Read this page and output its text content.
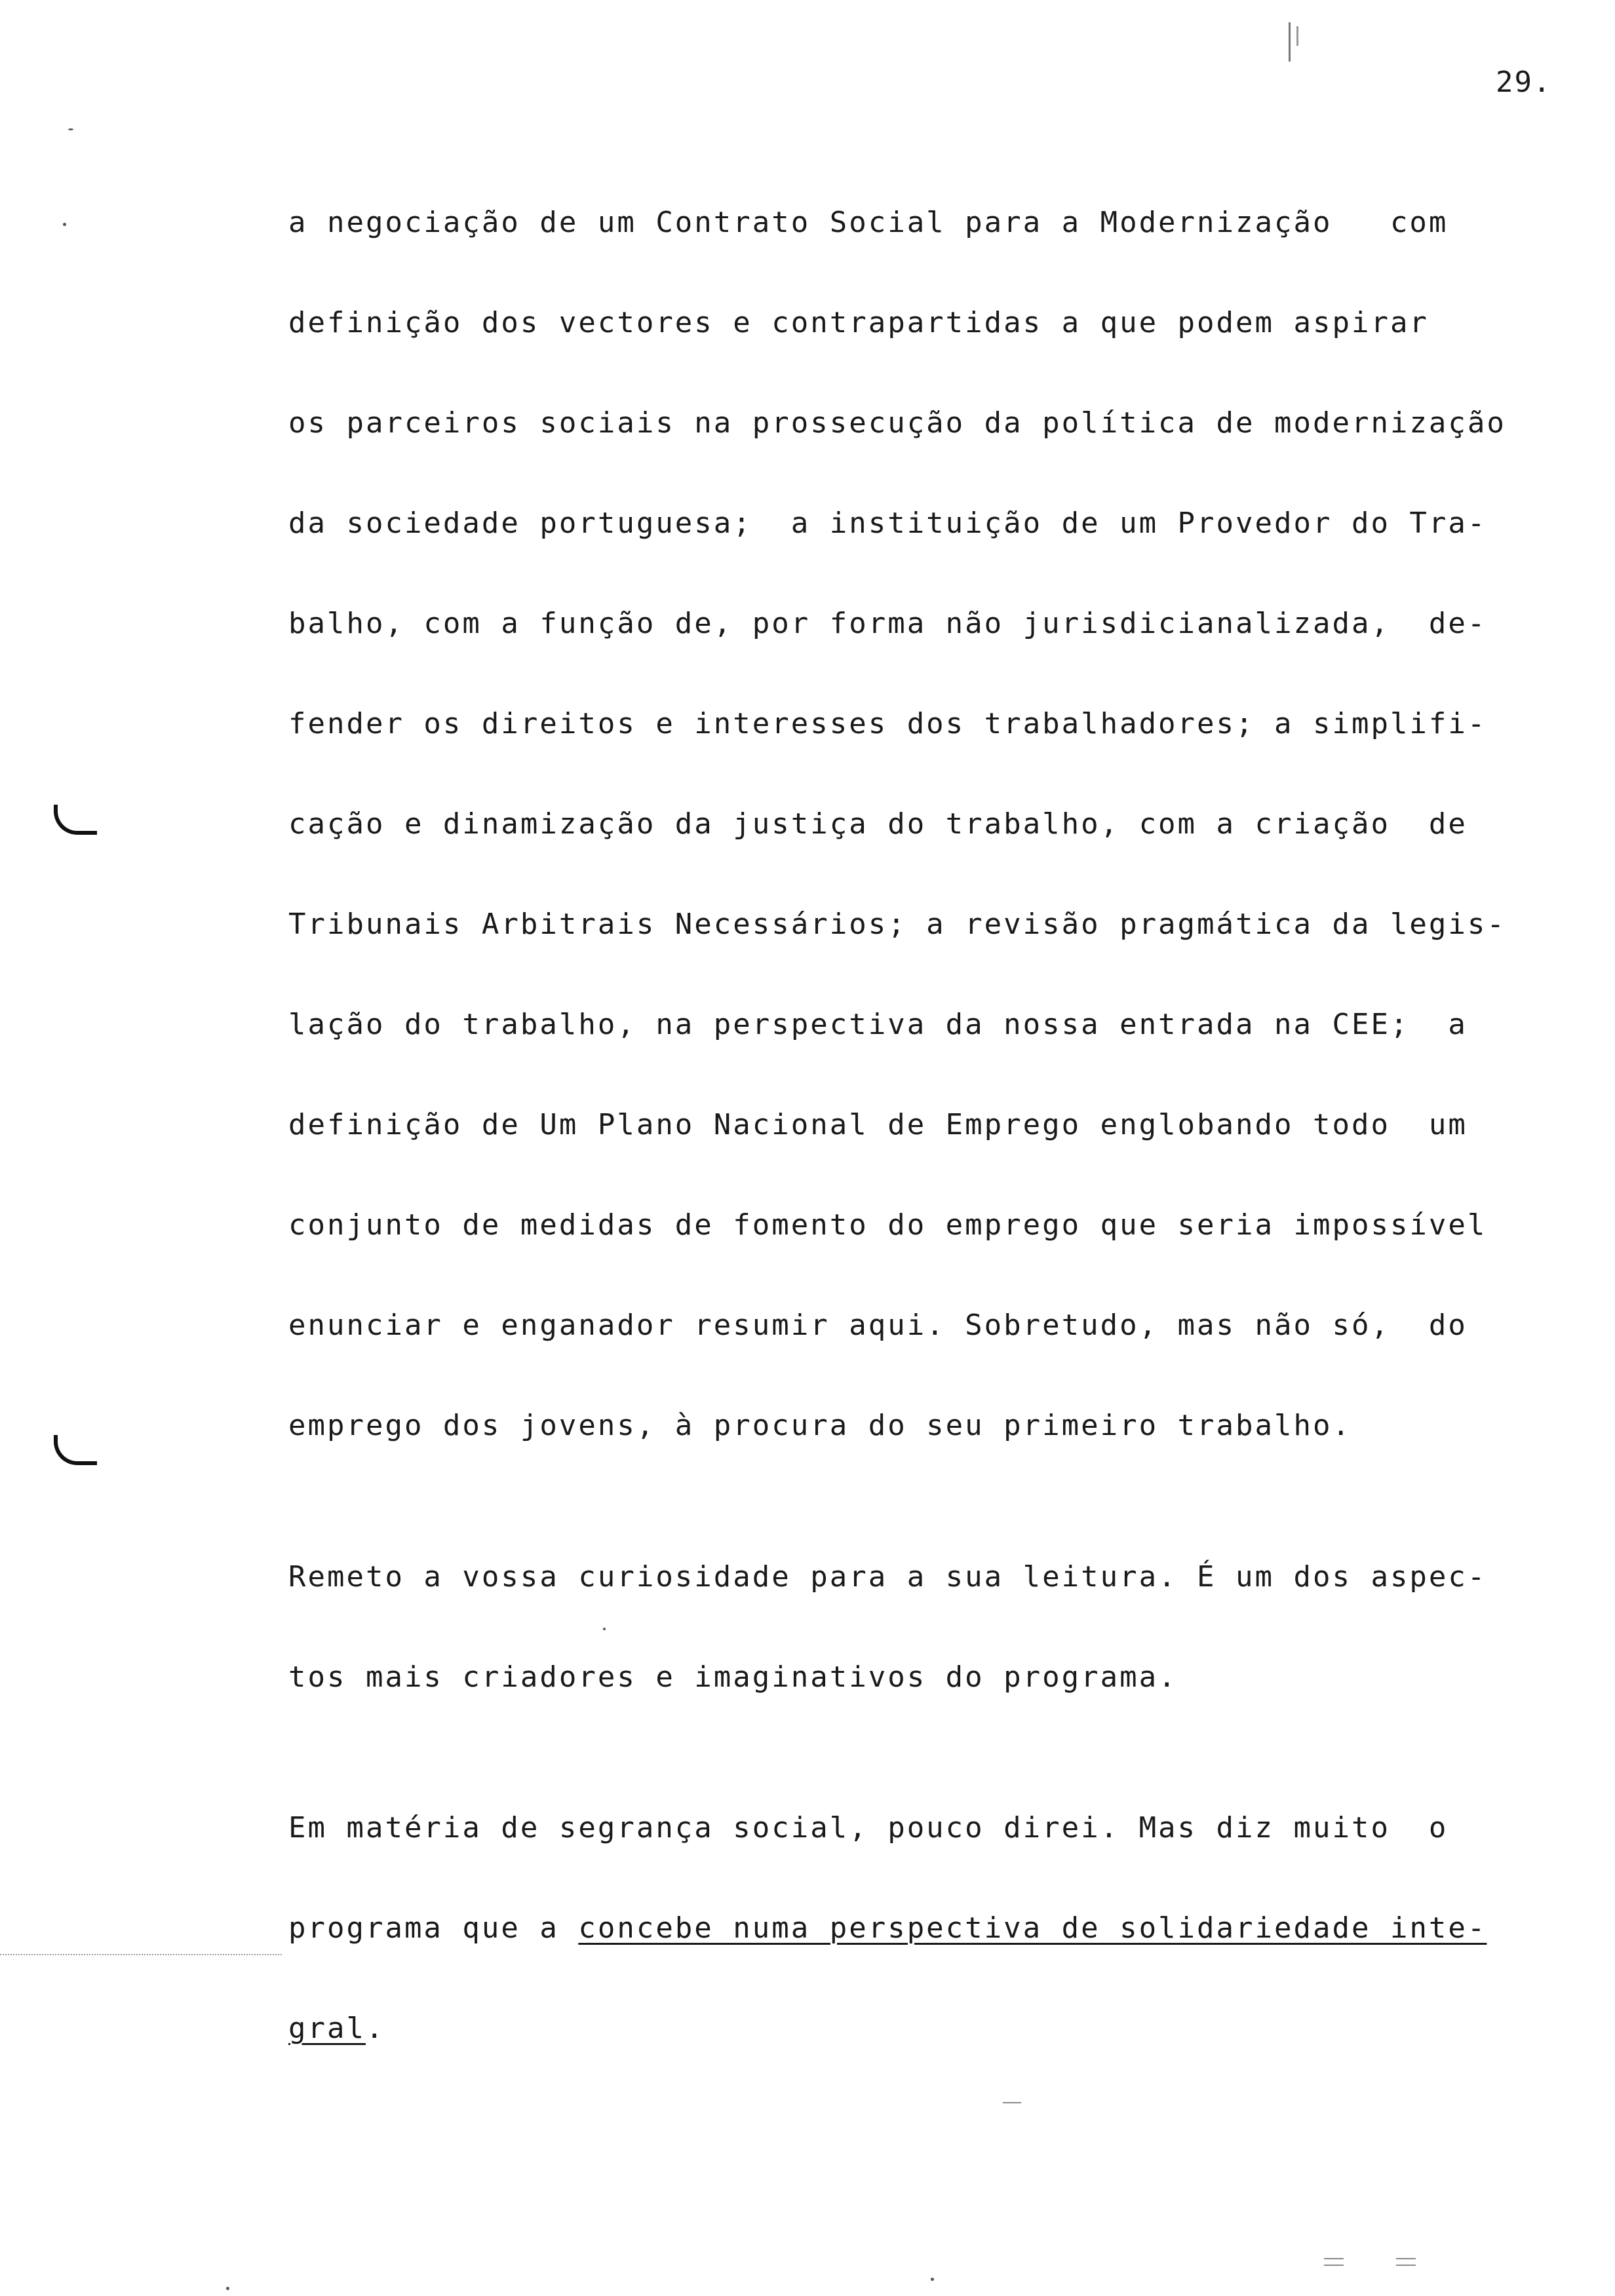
29.
a negociação de um Contrato Social para a Modernização   com
definição dos vectores e contrapartidas a que podem aspirar
os parceiros sociais na prossecução da política de modernização
da sociedade portuguesa;  a instituição de um Provedor do Tra-
balho, com a função de, por forma não jurisdicianalizada,  de-
fender os direitos e interesses dos trabalhadores; a simplifi-
cação e dinamização da justiça do trabalho, com a criação  de
Tribunais Arbitrais Necessários; a revisão pragmática da legis-
lação do trabalho, na perspectiva da nossa entrada na CEE;  a
definição de Um Plano Nacional de Emprego englobando todo  um
conjunto de medidas de fomento do emprego que seria impossível
enunciar e enganador resumir aqui. Sobretudo, mas não só,  do
emprego dos jovens, à procura do seu primeiro trabalho.
Remeto a vossa curiosidade para a sua leitura. É um dos aspec-
tos mais criadores e imaginativos do programa.
Em matéria de segrança social, pouco direi. Mas diz muito  o
programa que a concebe numa perspectiva de solidariedade inte-
gral.
